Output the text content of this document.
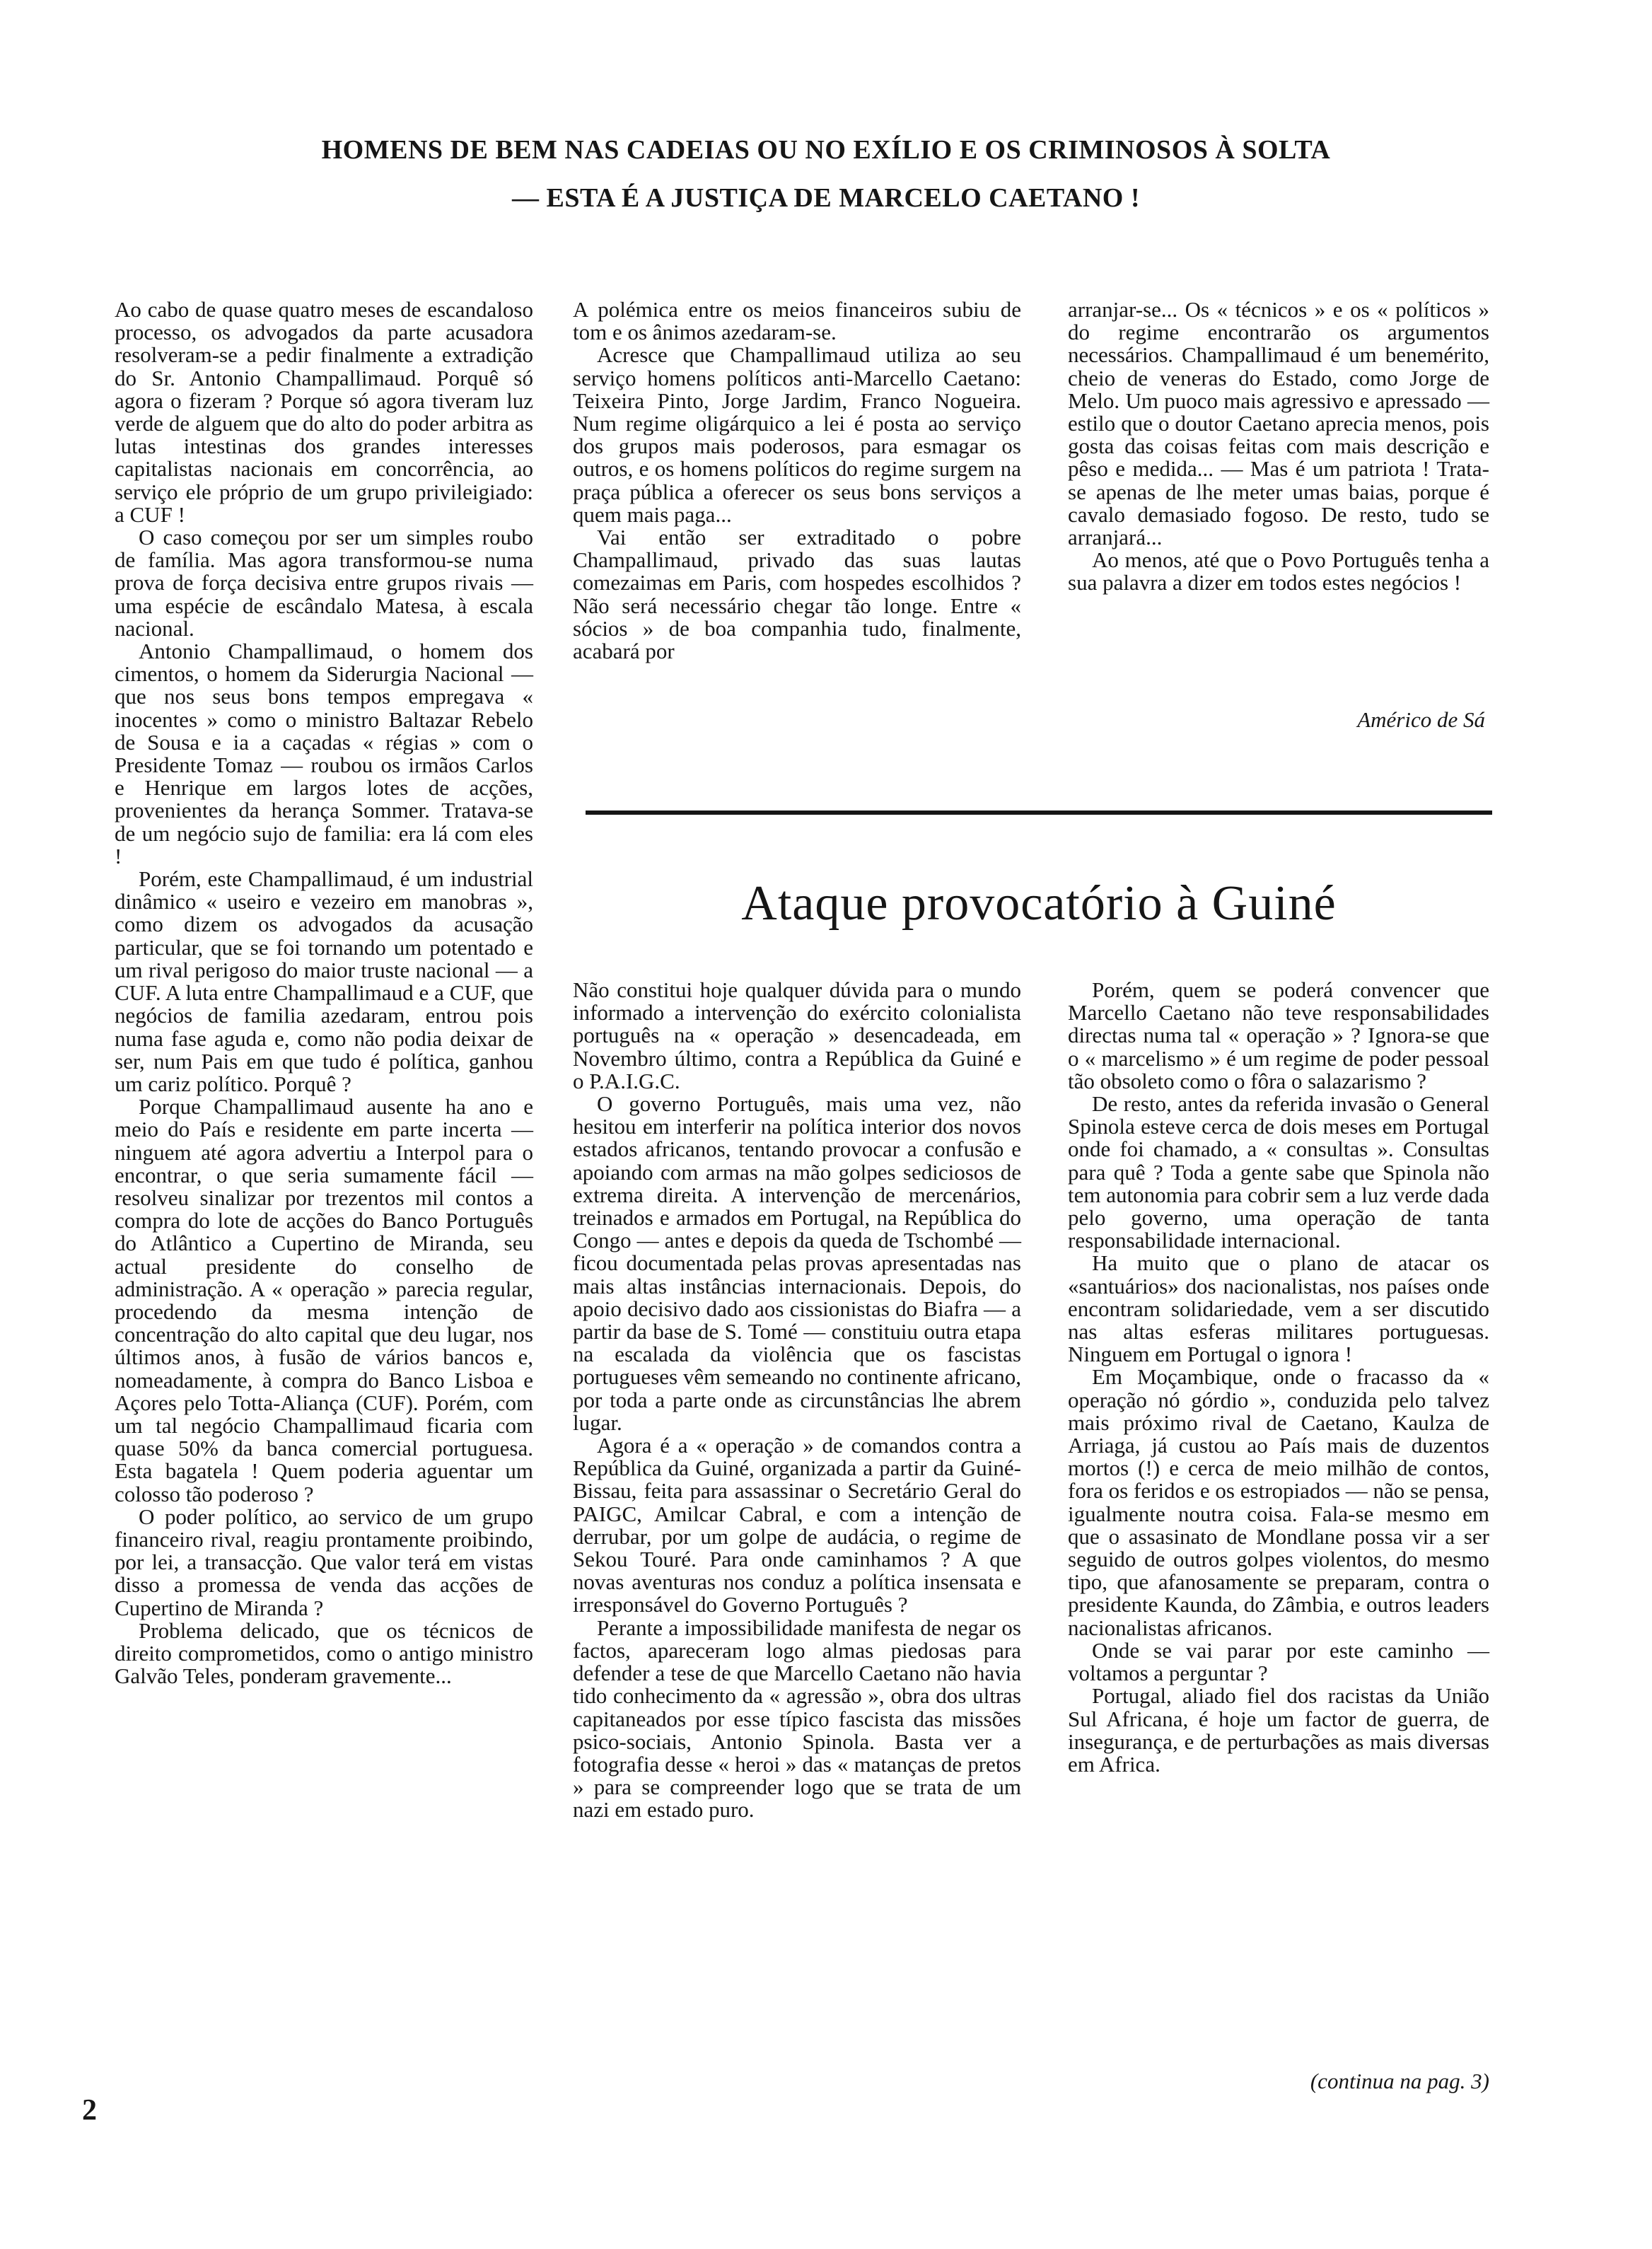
HOMENS DE BEM NAS CADEIAS OU NO EXÍLIO E OS CRIMINOSOS À SOLTA
— ESTA É A JUSTIÇA DE MARCELO CAETANO !

Ao cabo de quase quatro meses de escandaloso processo, os advogados da parte acusadora resolveram-se a pedir finalmente a extradição do Sr. Antonio Champallimaud. Porquê só agora o fizeram ? Porque só agora tiveram luz verde de alguem que do alto do poder arbitra as lutas intestinas dos grandes interesses capitalistas nacionais em concorrência, ao serviço ele próprio de um grupo privileigiado: a CUF !

O caso começou por ser um simples roubo de família. Mas agora transformou-se numa prova de força decisiva entre grupos rivais — uma espécie de escândalo Matesa, à escala nacional.

Antonio Champallimaud, o homem dos cimentos, o homem da Siderurgia Nacional — que nos seus bons tempos empregava « inocentes » como o ministro Baltazar Rebelo de Sousa e ia a caçadas « régias » com o Presidente Tomaz — roubou os irmãos Carlos e Henrique em largos lotes de acções, provenientes da herança Sommer. Tratava-se de um negócio sujo de familia: era lá com eles !

Porém, este Champallimaud, é um industrial dinâmico « useiro e vezeiro em manobras », como dizem os advogados da acusação particular, que se foi tornando um potentado e um rival perigoso do maior truste nacional — a CUF. A luta entre Champallimaud e a CUF, que negócios de familia azedaram, entrou pois numa fase aguda e, como não podia deixar de ser, num Pais em que tudo é política, ganhou um cariz político. Porquê ?

Porque Champallimaud ausente ha ano e meio do País e residente em parte incerta — ninguem até agora advertiu a Interpol para o encontrar, o que seria sumamente fácil — resolveu sinalizar por trezentos mil contos a compra do lote de acções do Banco Português do Atlântico a Cupertino de Miranda, seu actual presidente do conselho de administração. A « operação » parecia regular, procedendo da mesma intenção de concentração do alto capital que deu lugar, nos últimos anos, à fusão de vários bancos e, nomeadamente, à compra do Banco Lisboa e Açores pelo Totta-Aliança (CUF). Porém, com um tal negócio Champallimaud ficaria com quase 50% da banca comercial portuguesa. Esta bagatela ! Quem poderia aguentar um colosso tão poderoso ?

O poder político, ao servico de um grupo financeiro rival, reagiu prontamente proibindo, por lei, a transacção. Que valor terá em vistas disso a promessa de venda das acções de Cupertino de Miranda ?

Problema delicado, que os técnicos de direito comprometidos, como o antigo ministro Galvão Teles, ponderam gravemente...

A polémica entre os meios financeiros subiu de tom e os ânimos azedaram-se.

Acresce que Champallimaud utiliza ao seu serviço homens políticos anti-Marcello Caetano: Teixeira Pinto, Jorge Jardim, Franco Nogueira. Num regime oligárquico a lei é posta ao serviço dos grupos mais poderosos, para esmagar os outros, e os homens políticos do regime surgem na praça pública a oferecer os seus bons serviços a quem mais paga...

Vai então ser extraditado o pobre Champallimaud, privado das suas lautas comezaimas em Paris, com hospedes escolhidos ? Não será necessário chegar tão longe. Entre « sócios » de boa companhia tudo, finalmente, acabará por

arranjar-se... Os « técnicos » e os « políticos » do regime encontrarão os argumentos necessários. Champallimaud é um benemérito, cheio de veneras do Estado, como Jorge de Melo. Um puoco mais agressivo e apressado — estilo que o doutor Caetano aprecia menos, pois gosta das coisas feitas com mais descrição e pêso e medida... — Mas é um patriota ! Trata-se apenas de lhe meter umas baias, porque é cavalo demasiado fogoso. De resto, tudo se arranjará...

Ao menos, até que o Povo Português tenha a sua palavra a dizer em todos estes negócios !

Américo de Sá
Ataque provocatório à Guiné

Não constitui hoje qualquer dúvida para o mundo informado a intervenção do exército colonialista português na « operação » desencadeada, em Novembro último, contra a República da Guiné e o P.A.I.G.C.

O governo Português, mais uma vez, não hesitou em interferir na política interior dos novos estados africanos, tentando provocar a confusão e apoiando com armas na mão golpes sediciosos de extrema direita. A intervenção de mercenários, treinados e armados em Portugal, na República do Congo — antes e depois da queda de Tschombé — ficou documentada pelas provas apresentadas nas mais altas instâncias internacionais. Depois, do apoio decisivo dado aos cissionistas do Biafra — a partir da base de S. Tomé — constituiu outra etapa na escalada da violência que os fascistas portugueses vêm semeando no continente africano, por toda a parte onde as circunstâncias lhe abrem lugar.

Agora é a « operação » de comandos contra a República da Guiné, organizada a partir da Guiné-Bissau, feita para assassinar o Secretário Geral do PAIGC, Amilcar Cabral, e com a intenção de derrubar, por um golpe de audácia, o regime de Sekou Touré. Para onde caminhamos ? A que novas aventuras nos conduz a política insensata e irresponsável do Governo Português ?

Perante a impossibilidade manifesta de negar os factos, apareceram logo almas piedosas para defender a tese de que Marcello Caetano não havia tido conhecimento da « agressão », obra dos ultras capitaneados por esse típico fascista das missões psico-sociais, Antonio Spinola. Basta ver a fotografia desse « heroi » das « matanças de pretos » para se compreender logo que se trata de um nazi em estado puro.

Porém, quem se poderá convencer que Marcello Caetano não teve responsabilidades directas numa tal « operação » ? Ignora-se que o « marcelismo » é um regime de poder pessoal tão obsoleto como o fôra o salazarismo ?

De resto, antes da referida invasão o General Spinola esteve cerca de dois meses em Portugal onde foi chamado, a « consultas ». Consultas para quê ? Toda a gente sabe que Spinola não tem autonomia para cobrir sem a luz verde dada pelo governo, uma operação de tanta responsabilidade internacional.

Ha muito que o plano de atacar os «santuários» dos nacionalistas, nos países onde encontram solidariedade, vem a ser discutido nas altas esferas militares portuguesas. Ninguem em Portugal o ignora !

Em Moçambique, onde o fracasso da « operação nó górdio », conduzida pelo talvez mais próximo rival de Caetano, Kaulza de Arriaga, já custou ao País mais de duzentos mortos (!) e cerca de meio milhão de contos, fora os feridos e os estropiados — não se pensa, igualmente noutra coisa. Fala-se mesmo em que o assasinato de Mondlane possa vir a ser seguido de outros golpes violentos, do mesmo tipo, que afanosamente se preparam, contra o presidente Kaunda, do Zâmbia, e outros leaders nacionalistas africanos.

Onde se vai parar por este caminho — voltamos a perguntar ?

Portugal, aliado fiel dos racistas da União Sul Africana, é hoje um factor de guerra, de insegurança, e de perturbações as mais diversas em Africa.

(continua na pag. 3)
2
